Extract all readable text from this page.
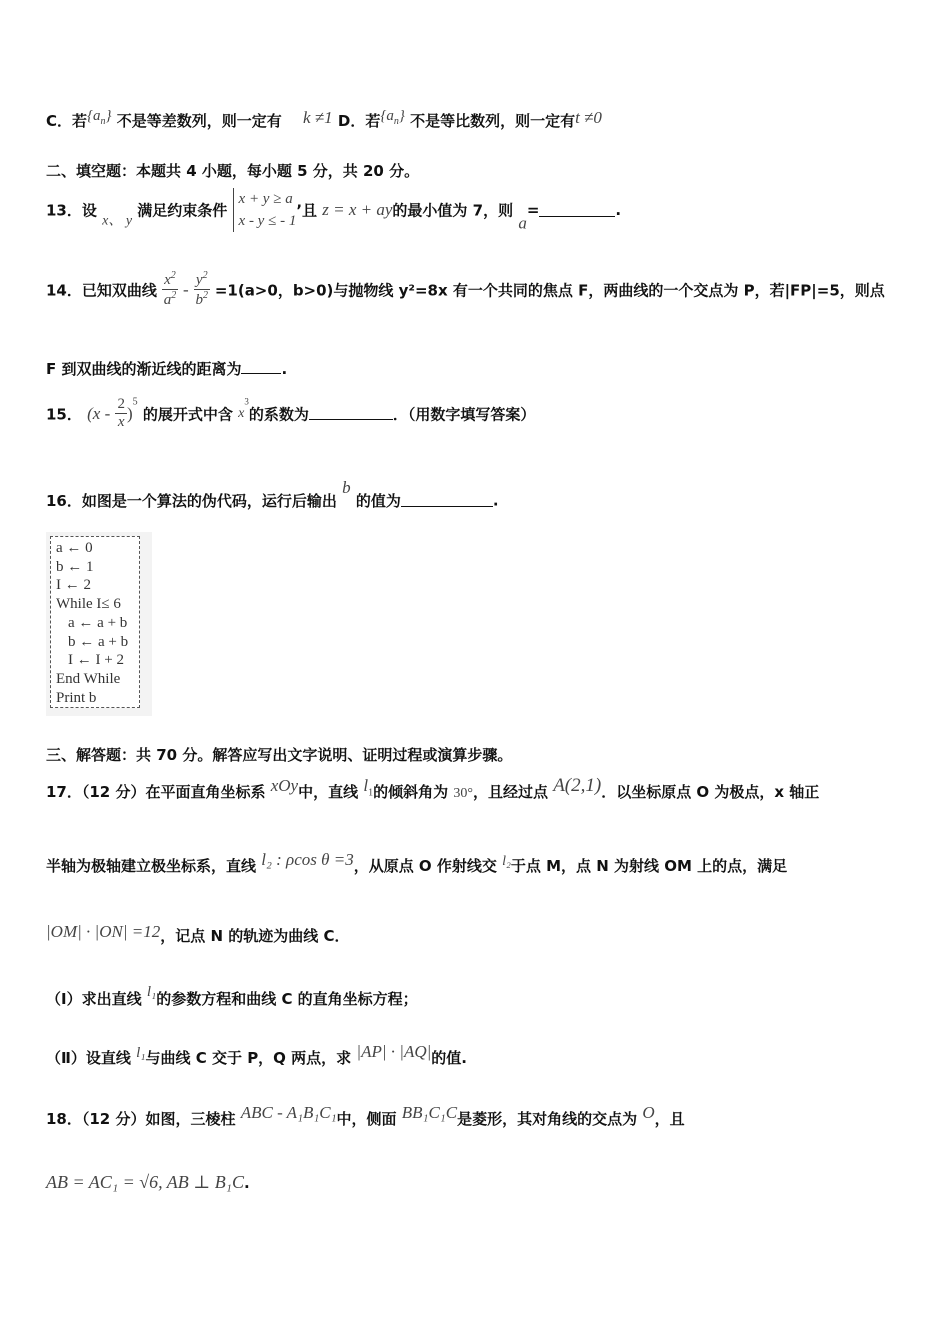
C．若$\{a_n\}$ 不是等差数列，则一定有 k ≠1 D．若$\{a_n\}$ 不是等比数列，则一定有t ≠0
二、填空题：本题共 4 小题，每小题 5 分，共 20 分。
13．设 x、 y 满足约束条件 x + y ≥ a
x - y ≤ - 1’且 z = x + ay的最小值为 7，则 a=	.
14．已知双曲线 $\frac{x^2}{a^2} - \frac{y^2}{b^2} =1(a>0$，b>0)与抛物线 y²=8x 有一个共同的焦点 F，两曲线的一个交点为 P，若|FP|=5，则点
F 到双曲线的渐近线的距离为	.
15． $(x - \frac{2}{x} )^5$ 的展开式中含 $x^3$的系数为	．（用数字填写答案）
16．如图是一个算法的伪代码，运行后输出 b 的值为	.
a ← 0
b ← 1
I ← 2
While I≤ 6
a ← a + b
b ← a + b
I ← I + 2
End While
Print b
三、解答题：共 70 分。解答应写出文字说明、证明过程或演算步骤。
17．（12 分）在平面直角坐标系 xOy中，直线 $l_1$的倾斜角为 30°，且经过点 A(2,1)．以坐标原点 O 为极点，x 轴正
半轴为极轴建立极坐标系，直线 l₂ : ρcos θ =3，从原点 O 作射线交 l₂于点 M，点 N 为射线 OM 上的点，满足
|OM| · |ON| =12，记点 N 的轨迹为曲线 C．
（Ⅰ）求出直线 l₁的参数方程和曲线 C 的直角坐标方程；
（Ⅱ）设直线 l₁与曲线 C 交于 P，Q 两点，求 |AP| · |AQ|的值.
18．（12 分）如图，三棱柱 ABC - A₁B₁C₁中，侧面 BB₁C₁C是菱形，其对角线的交点为 O，且
AB = AC₁ = √6, AB ⊥ B₁C.
